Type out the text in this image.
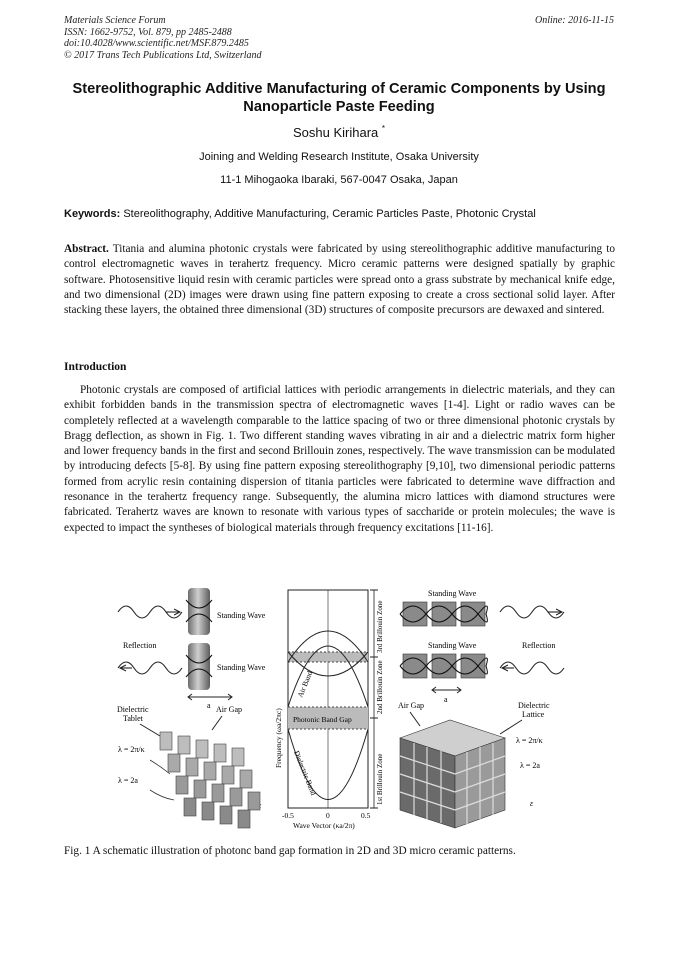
Materials Science Forum
ISSN: 1662-9752, Vol. 879, pp 2485-2488
doi:10.4028/www.scientific.net/MSF.879.2485
© 2017 Trans Tech Publications Ltd, Switzerland
Online: 2016-11-15
Stereolithographic Additive Manufacturing of Ceramic Components by Using Nanoparticle Paste Feeding
Soshu Kirihara *
Joining and Welding Research Institute, Osaka University
11-1 Mihogaoka Ibaraki, 567-0047 Osaka, Japan
Keywords: Stereolithography, Additive Manufacturing, Ceramic Particles Paste, Photonic Crystal
Abstract. Titania and alumina photonic crystals were fabricated by using stereolithographic additive manufacturing to control electromagnetic waves in terahertz frequency. Micro ceramic patterns were designed spatially by graphic software. Photosensitive liquid resin with ceramic particles were spread onto a grass substrate by mechanical knife edge, and two dimensional (2D) images were drawn using fine pattern exposing to create a cross sectional solid layer. After stacking these layers, the obtained three dimensional (3D) structures of composite precursors are dewaxed and sintered.
Introduction
Photonic crystals are composed of artificial lattices with periodic arrangements in dielectric materials, and they can exhibit forbidden bands in the transmission spectra of electromagnetic waves [1-4]. Light or radio waves can be completely reflected at a wavelength comparable to the lattice spacing of two or three dimensional photonic crystals by Bragg deflection, as shown in Fig. 1. Two different standing waves vibrating in air and a dielectric matrix form higher and lower frequency bands in the first and second Brillouin zones, respectively. The wave transmission can be modulated by introducing defects [5-8]. By using fine pattern exposing stereolithography [9,10], two dimensional periodic patterns formed from acrylic resin containing dispersion of titania particles were fabricated to determine wave diffraction and resonance in the terahertz frequency range. Subsequently, the alumina micro lattices with diamond structures were fabricated. Terahertz waves are known to resonate with various types of saccharide or protein molecules; the wave is expected to impact the syntheses of biological materials through frequency excitations [11-16].
Reflection
Standing Wave
Standing Wave
a
Dielectric
Tablet
Air Gap
λ = 2π/κ
λ = 2a
Photonic Band Gap
Air Band
Dielectric Band
Frequency (ωa/2πc)
-0.5	0	0.5
Wave Vector (κa/2π)
3rd Brillouin Zone
2nd Brillouin Zone
1st Brillouin Zone
Standing Wave
Standing Wave
a
Reflection
Air Gap	Dielectric
Lattice
λ = 2π/κ
λ = 2a
ε
Fig. 1 A schematic illustration of photonc band gap formation in 2D and 3D micro ceramic patterns.
